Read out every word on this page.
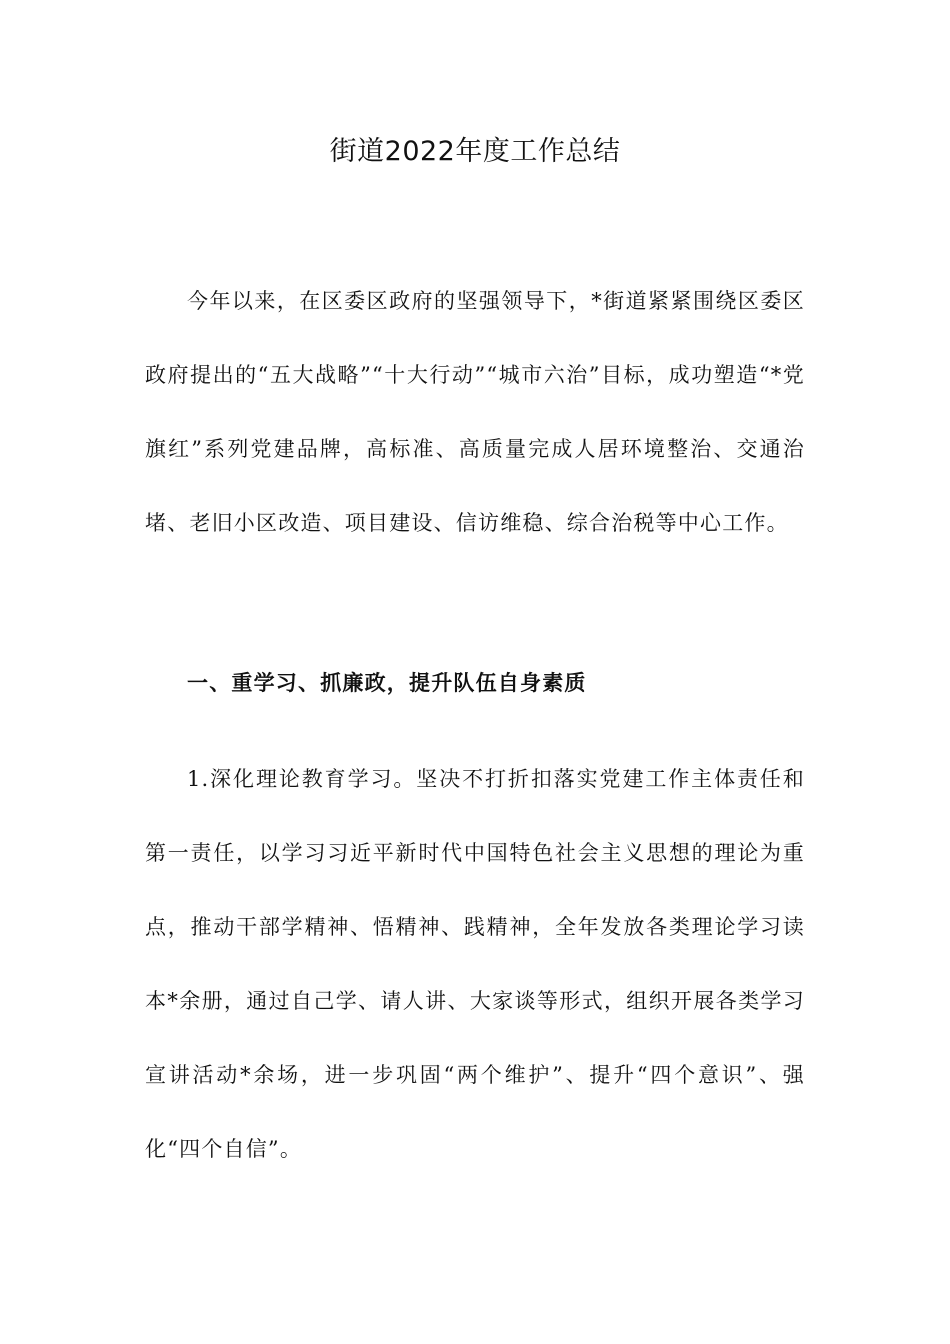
街道2022年度工作总结

今年以来，在区委区政府的坚强领导下，*街道紧紧围绕区委区政府提出的“五大战略”“十大行动”“城市六治”目标，成功塑造“*党旗红”系列党建品牌，高标准、高质量完成人居环境整治、交通治堵、老旧小区改造、项目建设、信访维稳、综合治税等中心工作。

一、重学习、抓廉政，提升队伍自身素质

1.深化理论教育学习。坚决不打折扣落实党建工作主体责任和第一责任，以学习习近平新时代中国特色社会主义思想的理论为重点，推动干部学精神、悟精神、践精神，全年发放各类理论学习读本*余册，通过自己学、请人讲、大家谈等形式，组织开展各类学习宣讲活动*余场，进一步巩固“两个维护”、提升“四个意识”、强化“四个自信”。
